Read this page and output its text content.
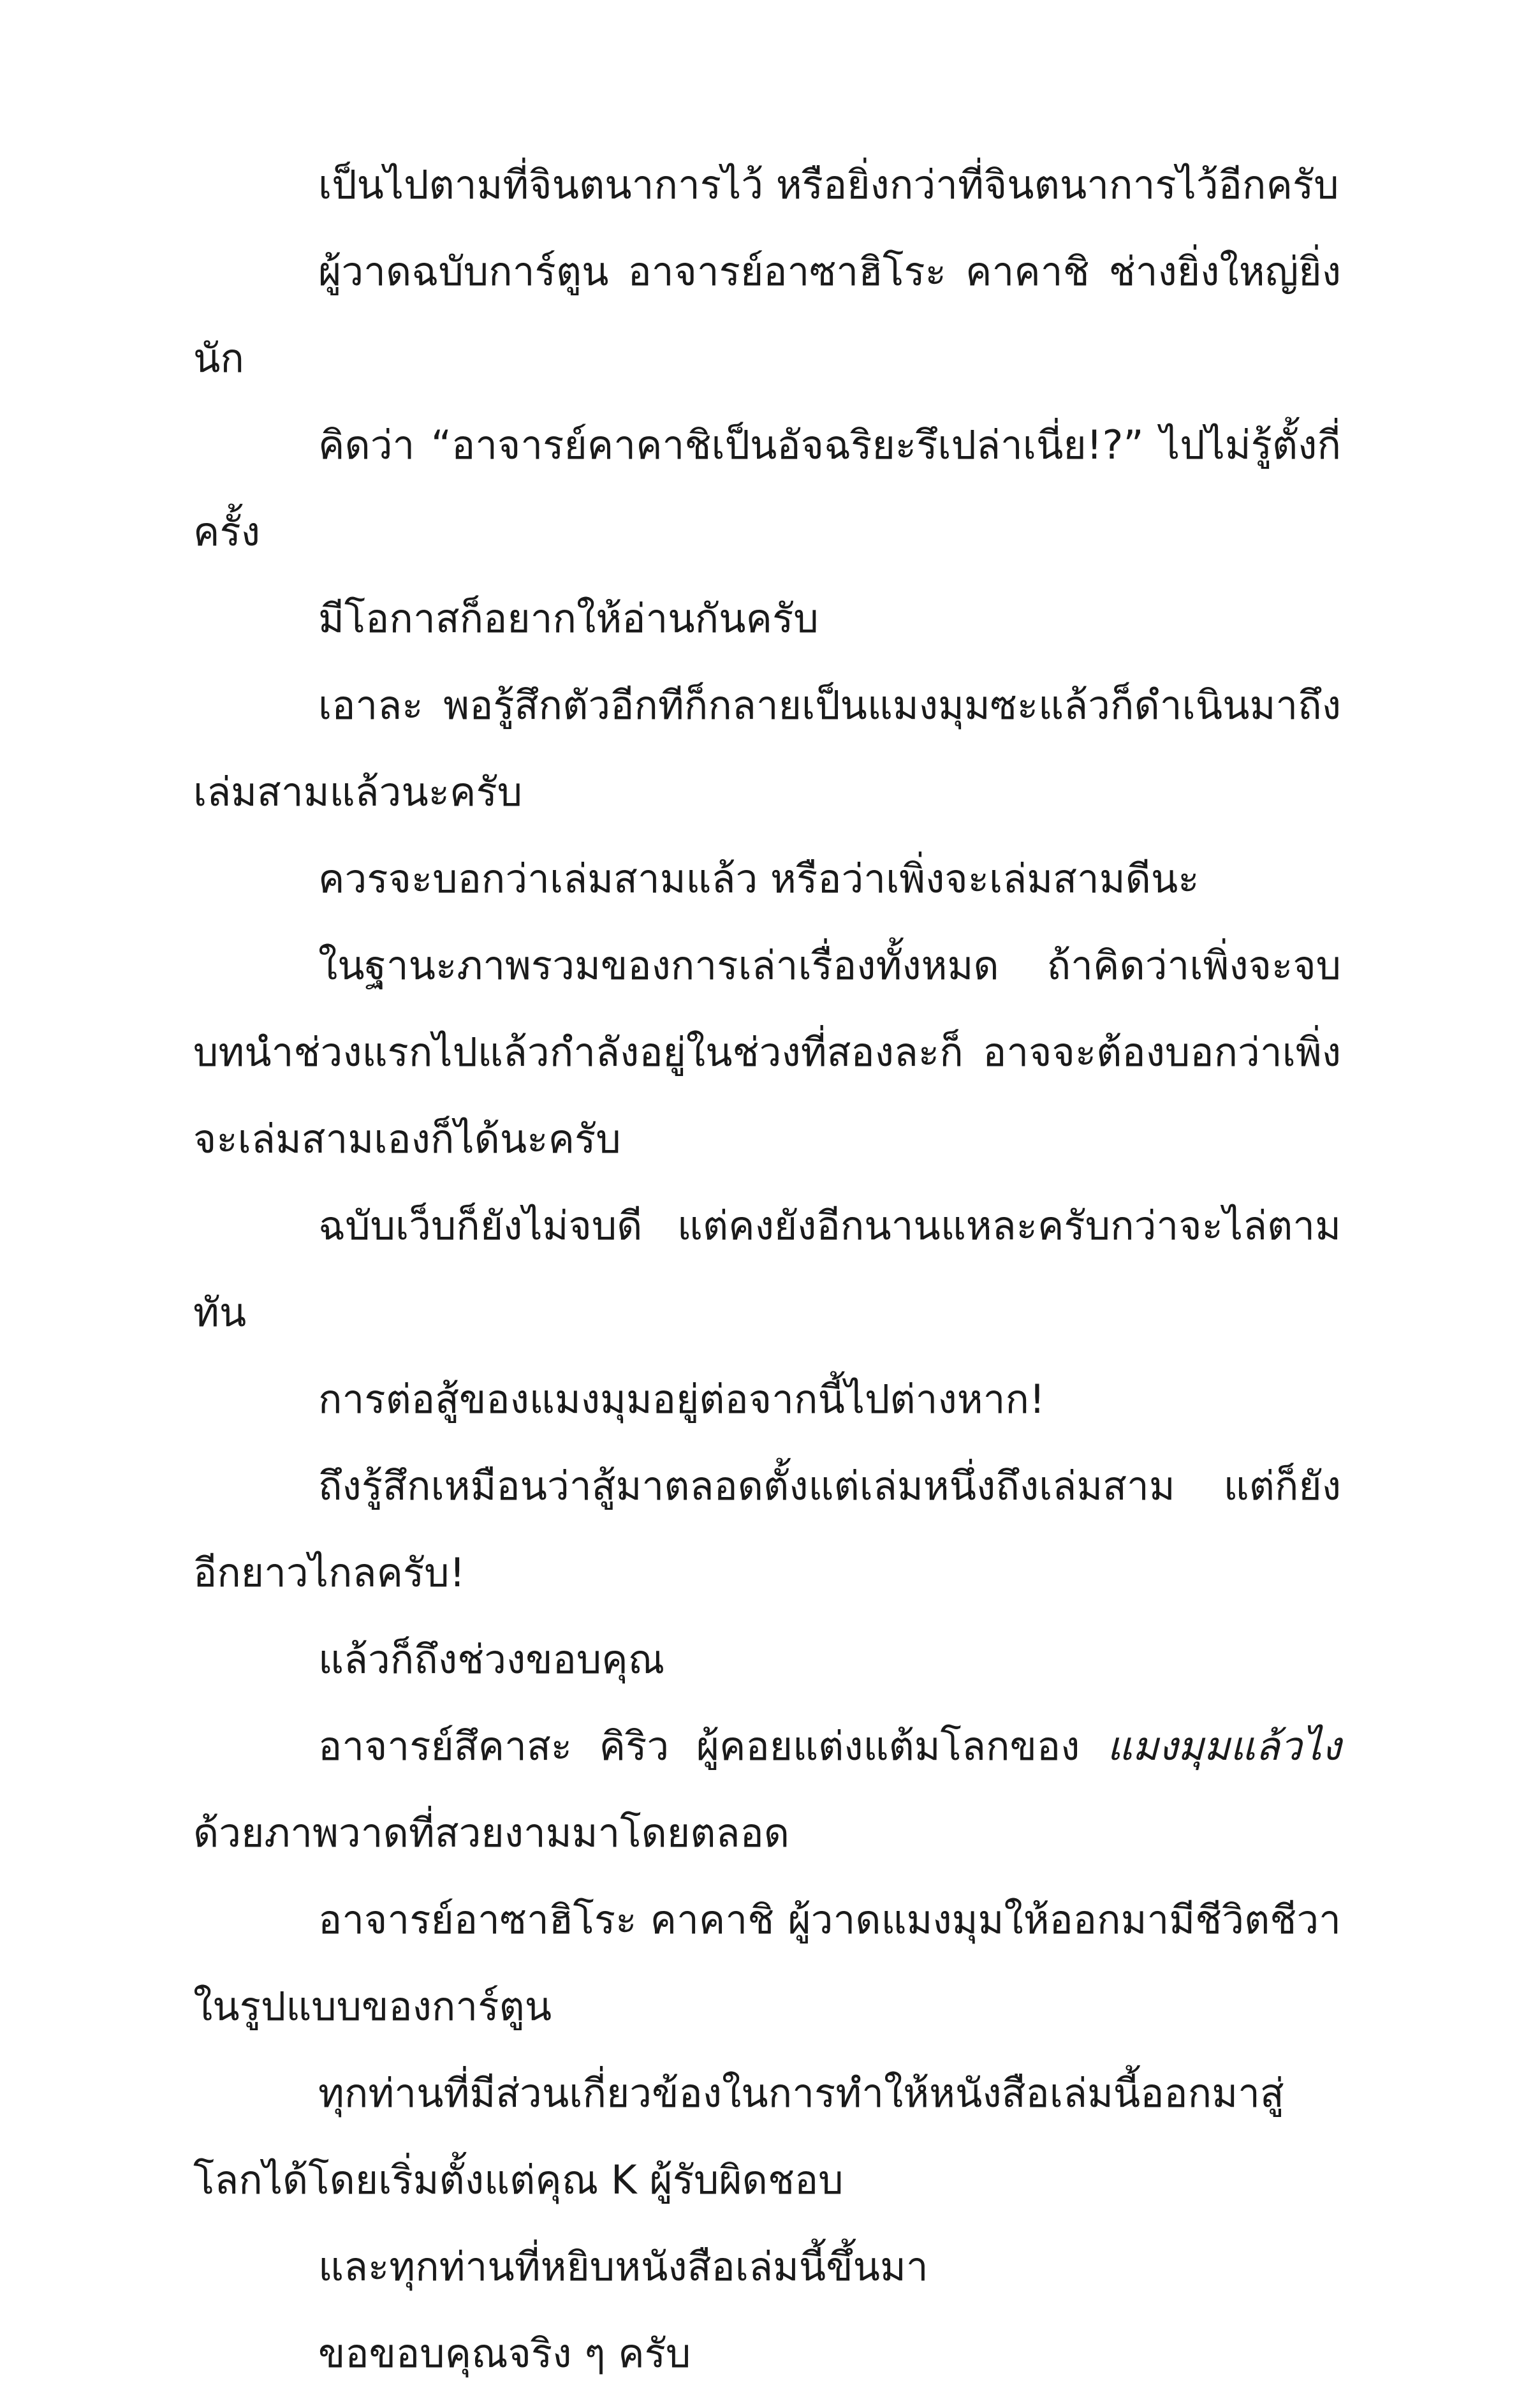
เป็นไปตามที่จินตนาการไว้ หรือยิ่งกว่าที่จินตนาการไว้อีกครับ

ผู้วาดฉบับการ์ตูน อาจารย์อาซาฮิโระ คาคาชิ ช่างยิ่งใหญ่ยิ่งนัก

คิดว่า “อาจารย์คาคาชิเป็นอัจฉริยะรึเปล่าเนี่ย!?” ไปไม่รู้ตั้งกี่ครั้ง

มีโอกาสก็อยากให้อ่านกันครับ

เอาละ พอรู้สึกตัวอีกทีก็กลายเป็นแมงมุมซะแล้วก็ดำเนินมาถึงเล่มสามแล้วนะครับ

ควรจะบอกว่าเล่มสามแล้ว หรือว่าเพิ่งจะเล่มสามดีนะ

ในฐานะภาพรวมของการเล่าเรื่องทั้งหมด ถ้าคิดว่าเพิ่งจะจบบทนำช่วงแรกไปแล้วกำลังอยู่ในช่วงที่สองละก็ อาจจะต้องบอกว่าเพิ่งจะเล่มสามเองก็ได้นะครับ

ฉบับเว็บก็ยังไม่จบดี แต่คงยังอีกนานแหละครับกว่าจะไล่ตามทัน

การต่อสู้ของแมงมุมอยู่ต่อจากนี้ไปต่างหาก!

ถึงรู้สึกเหมือนว่าสู้มาตลอดตั้งแต่เล่มหนึ่งถึงเล่มสาม แต่ก็ยังอีกยาวไกลครับ!

แล้วก็ถึงช่วงขอบคุณ

อาจารย์สึคาสะ คิริว ผู้คอยแต่งแต้มโลกของ แมงมุมแล้วไง ด้วยภาพวาดที่สวยงามมาโดยตลอด

อาจารย์อาซาฮิโระ คาคาชิ ผู้วาดแมงมุมให้ออกมามีชีวิตชีวาในรูปแบบของการ์ตูน

ทุกท่านที่มีส่วนเกี่ยวข้องในการทำให้หนังสือเล่มนี้ออกมาสู่โลกได้โดยเริ่มตั้งแต่คุณ K ผู้รับผิดชอบ

และทุกท่านที่หยิบหนังสือเล่มนี้ขึ้นมา

ขอขอบคุณจริง ๆ ครับ
